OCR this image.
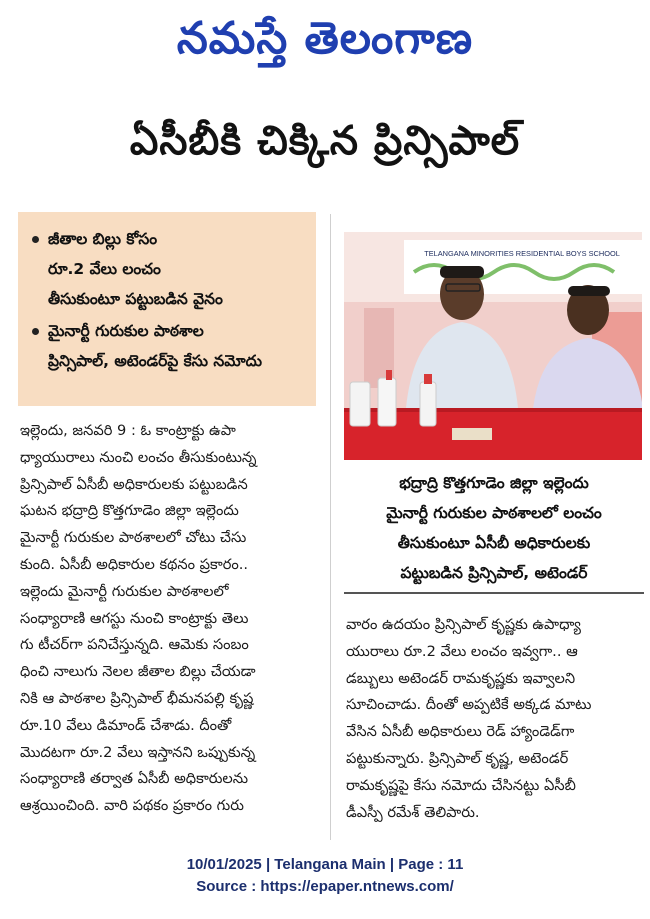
నమస్తే తెలంగాణ
ఏసీబీకి చిక్కిన ప్రిన్సిపాల్
జీతాల బిల్లు కోసం
రూ.2 వేలు లంచం
తీసుకుంటూ పట్టుబడిన వైనం
మైనార్టీ గురుకుల పాఠశాల
ప్రిన్సిపాల్, అటెండర్‌పై కేసు నమోదు
TELANGANA MINORITIES RESIDENTIAL BOYS SCHOOL
భద్రాద్రి కొత్తగూడెం జిల్లా ఇల్లెందు
మైనార్టీ గురుకుల పాఠశాలలో లంచం
తీసుకుంటూ ఏసీబీ అధికారులకు
పట్టుబడిన ప్రిన్సిపాల్, అటెండర్
ఇల్లెందు, జనవరి 9 : ఓ కాంట్రాక్టు ఉపా
ధ్యాయురాలు నుంచి లంచం తీసుకుంటున్న
ప్రిన్సిపాల్ ఏసీబీ అధికారులకు పట్టుబడిన
ఘటన భద్రాద్రి కొత్తగూడెం జిల్లా ఇల్లెందు
మైనార్టీ గురుకుల పాఠశాలలో చోటు చేసు
కుంది. ఏసీబీ అధికారుల కథనం ప్రకారం..
ఇల్లెందు మైనార్టీ గురుకుల పాఠశాలలో
సంధ్యారాణి ఆగస్టు నుంచి కాంట్రాక్టు తెలు
గు టీచర్‌గా పనిచేస్తున్నది. ఆమెకు సంబం
ధించి నాలుగు నెలల జీతాల బిల్లు చేయడా
నికి ఆ పాఠశాల ప్రిన్సిపాల్ భీమనపల్లి కృష్ణ
రూ.10 వేలు డిమాండ్ చేశాడు. దీంతో
మొదటగా రూ.2 వేలు ఇస్తానని ఒప్పుకున్న
సంధ్యారాణి తర్వాత ఏసీబీ అధికారులను
ఆశ్రయించింది. వారి పథకం ప్రకారం గురు
వారం ఉదయం ప్రిన్సిపాల్ కృష్ణకు ఉపాధ్యా
యురాలు రూ.2 వేలు లంచం ఇవ్వగా.. ఆ
డబ్బులు అటెండర్ రామకృష్ణకు ఇవ్వాలని
సూచించాడు. దీంతో అప్పటికే అక్కడ మాటు
వేసిన ఏసీబీ అధికారులు రెడ్ హ్యాండెడ్‌గా
పట్టుకున్నారు. ప్రిన్సిపాల్ కృష్ణ, అటెండర్
రామకృష్ణపై కేసు నమోదు చేసినట్టు ఏసీబీ
డీఎస్పీ రమేశ్ తెలిపారు.
10/01/2025 | Telangana Main | Page : 11
Source : https://epaper.ntnews.com/
